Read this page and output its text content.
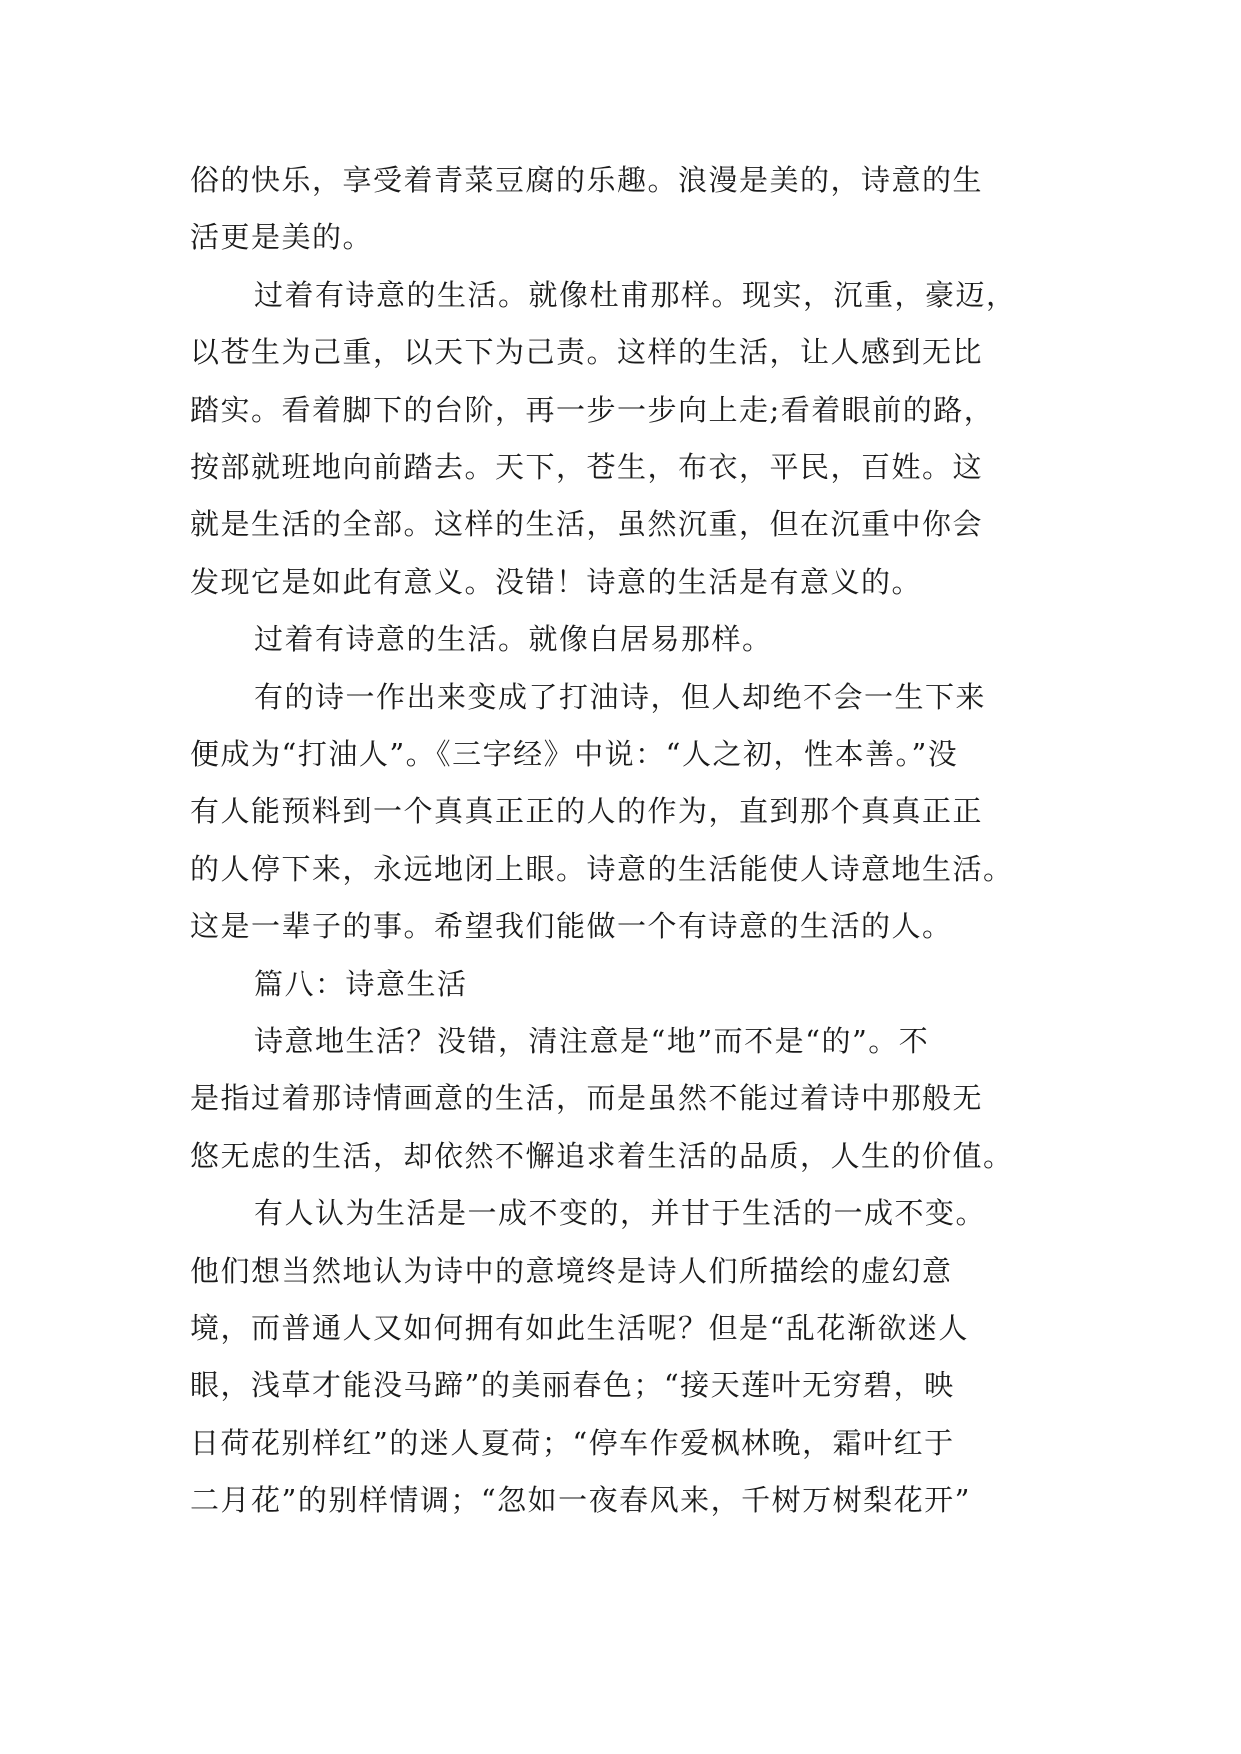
俗的快乐，享受着青菜豆腐的乐趣。浪漫是美的，诗意的生
活更是美的。
过着有诗意的生活。就像杜甫那样。现实，沉重，豪迈，
以苍生为己重，以天下为己责。这样的生活，让人感到无比
踏实。看着脚下的台阶，再一步一步向上走;看着眼前的路，
按部就班地向前踏去。天下，苍生，布衣，平民，百姓。这
就是生活的全部。这样的生活，虽然沉重，但在沉重中你会
发现它是如此有意义。没错！诗意的生活是有意义的。
过着有诗意的生活。就像白居易那样。
有的诗一作出来变成了打油诗，但人却绝不会一生下来
便成为“打油人”。《三字经》中说：“人之初，性本善。”没
有人能预料到一个真真正正的人的作为，直到那个真真正正
的人停下来，永远地闭上眼。诗意的生活能使人诗意地生活。
这是一辈子的事。希望我们能做一个有诗意的生活的人。
篇八：诗意生活
诗意地生活？没错，清注意是“地”而不是“的”。不
是指过着那诗情画意的生活，而是虽然不能过着诗中那般无
悠无虑的生活，却依然不懈追求着生活的品质，人生的价值。
有人认为生活是一成不变的，并甘于生活的一成不变。
他们想当然地认为诗中的意境终是诗人们所描绘的虚幻意
境，而普通人又如何拥有如此生活呢？但是“乱花渐欲迷人
眼，浅草才能没马蹄”的美丽春色；“接天莲叶无穷碧，映
日荷花别样红”的迷人夏荷；“停车作爱枫林晚，霜叶红于
二月花”的别样情调；“忽如一夜春风来，千树万树梨花开”
